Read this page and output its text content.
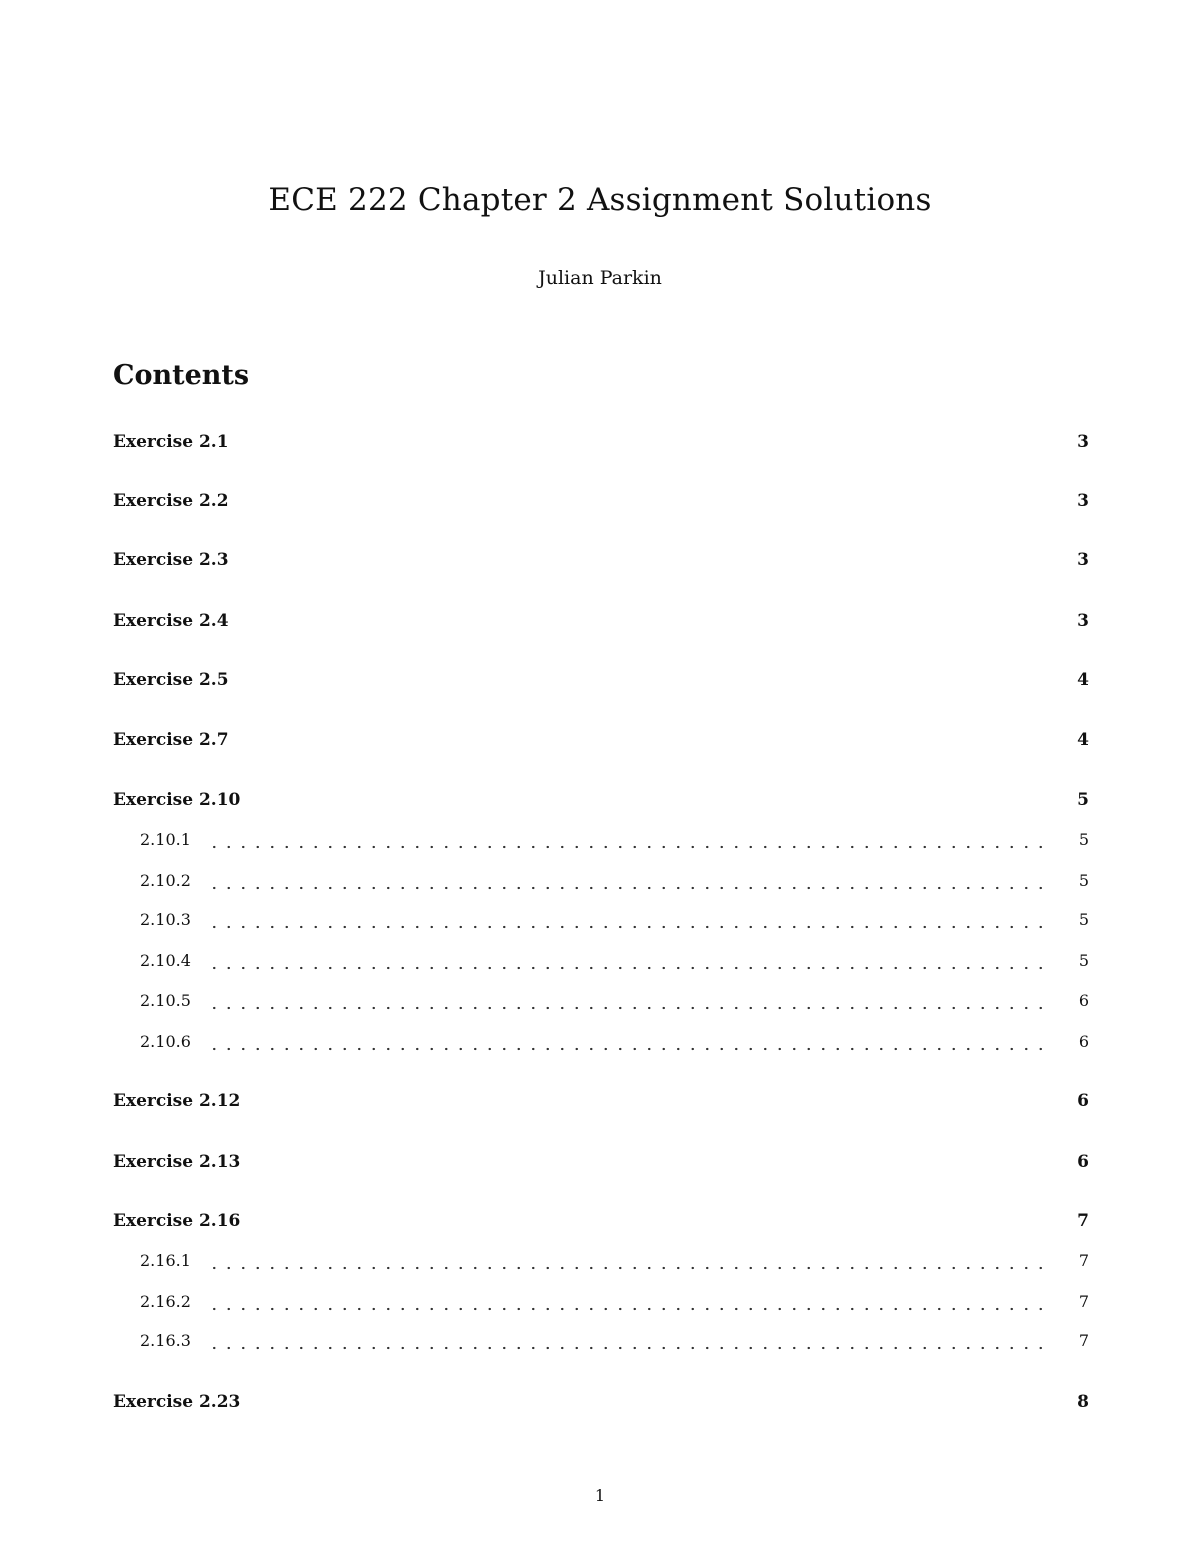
ECE 222 Chapter 2 Assignment Solutions

Julian Parkin

Contents
Exercise 2.1	3
Exercise 2.2	3
Exercise 2.3	3
Exercise 2.4	3
Exercise 2.5	4
Exercise 2.7	4
Exercise 2.10	5
2.10.1	5
2.10.2	5
2.10.3	5
2.10.4	5
2.10.5	6
2.10.6	6
Exercise 2.12	6
Exercise 2.13	6
Exercise 2.16	7
2.16.1	7
2.16.2	7
2.16.3	7
Exercise 2.23	8

1
